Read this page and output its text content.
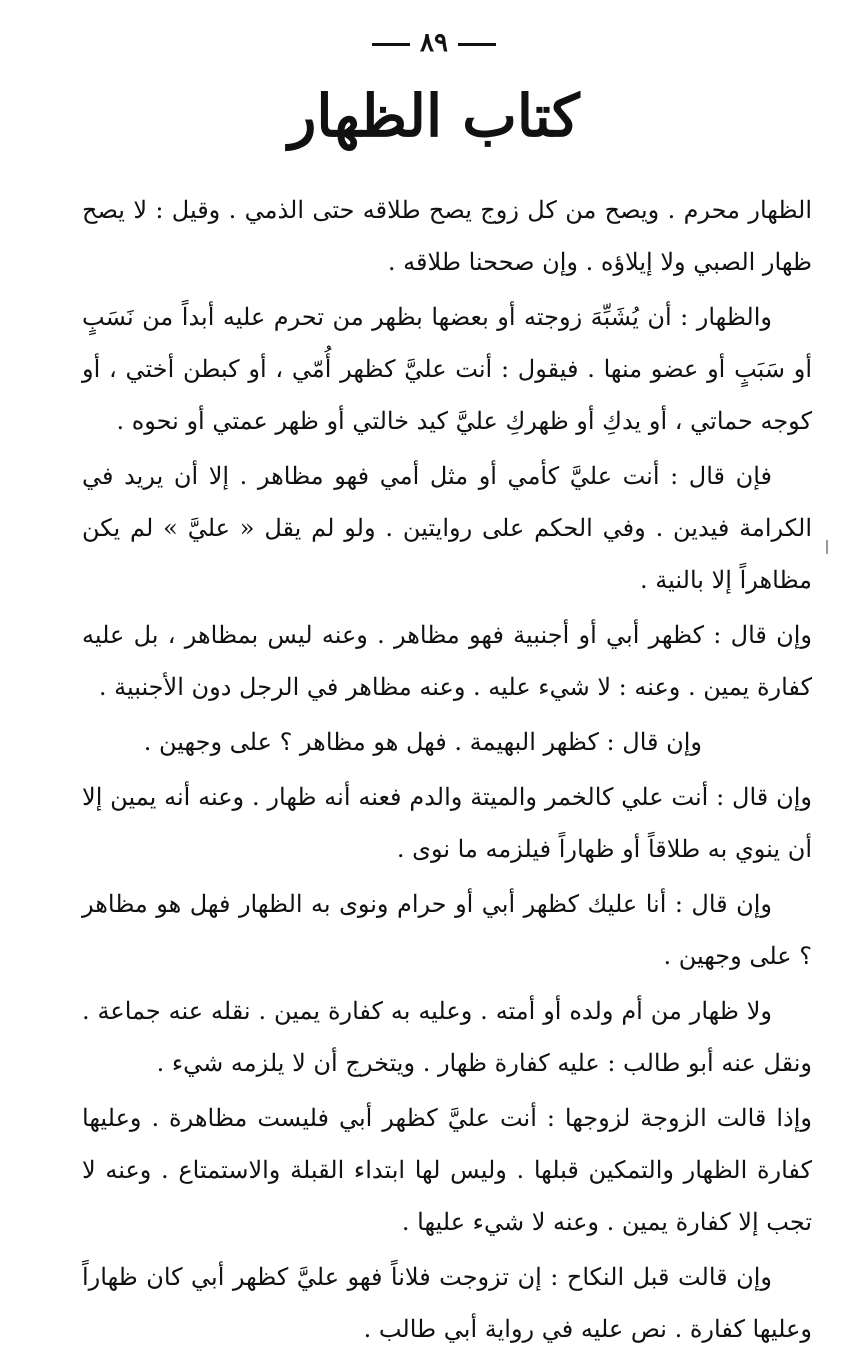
٨٩
كتاب الظهار

الظهار محرم . ويصح من كل زوج يصح طلاقه حتى الذمي . وقيل : لا يصح ظهار الصبي ولا إيلاؤه . وإن صححنا طلاقه .

والظهار : أن يُشَبِّهَ زوجته أو بعضها بظهر من تحرم عليه أبداً من نَسَبٍ أو سَبَبٍ أو عضو منها . فيقول : أنت عليَّ كظهر أُمّي ، أو كبطن أختي ، أو كوجه حماتي ، أو يدكِ أو ظهركِ عليَّ كيد خالتي أو ظهر عمتي أو نحوه .

فإن قال : أنت عليَّ كأمي أو مثل أمي فهو مظاهر . إلا أن يريد في الكرامة فيدين . وفي الحكم على روايتين . ولو لم يقل « عليَّ » لم يكن مظاهراً إلا بالنية .

وإن قال : كظهر أبي أو أجنبية فهو مظاهر . وعنه ليس بمظاهر ، بل عليه كفارة يمين . وعنه : لا شيء عليه . وعنه مظاهر في الرجل دون الأجنبية .

وإن قال : كظهر البهيمة . فهل هو مظاهر ؟ على وجهين .

وإن قال : أنت علي كالخمر والميتة والدم فعنه أنه ظهار . وعنه أنه يمين إلا أن ينوي به طلاقاً أو ظهاراً فيلزمه ما نوى .

وإن قال : أنا عليك كظهر أبي أو حرام ونوى به الظهار فهل هو مظاهر ؟ على وجهين .

ولا ظهار من أم ولده أو أمته . وعليه به كفارة يمين . نقله عنه جماعة . ونقل عنه أبو طالب : عليه كفارة ظهار . ويتخرج أن لا يلزمه شيء .

وإذا قالت الزوجة لزوجها : أنت عليَّ كظهر أبي فليست مظاهرة . وعليها كفارة الظهار والتمكين قبلها . وليس لها ابتداء القبلة والاستمتاع . وعنه لا تجب إلا كفارة يمين . وعنه لا شيء عليها .

وإن قالت قبل النكاح : إن تزوجت فلاناً فهو عليَّ كظهر أبي كان ظهاراً وعليها كفارة . نص عليه في رواية أبي طالب .
